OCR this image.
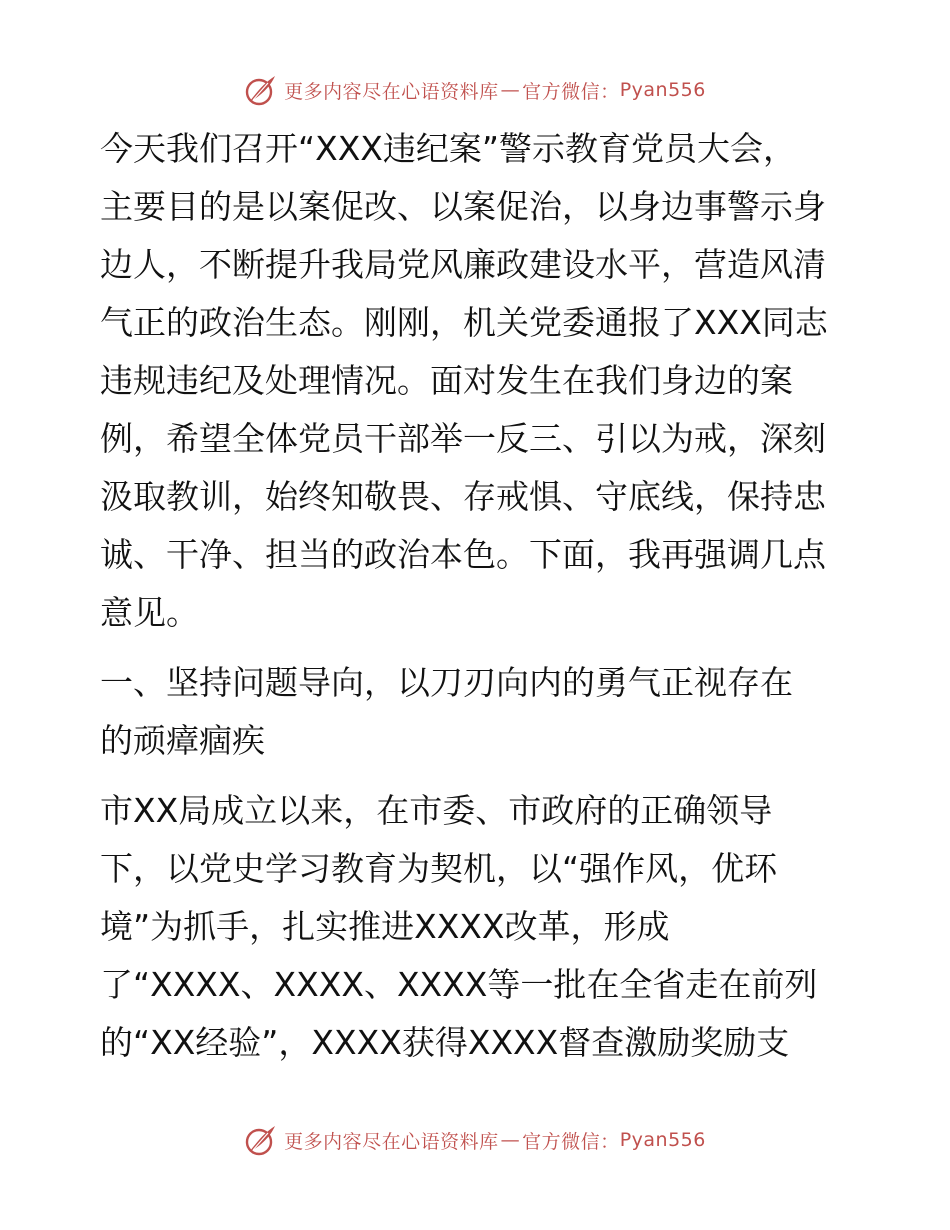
更多内容尽在心语资料库 — 官方微信： Pyan556

今天我们召开“XXX违纪案”警示教育党员大会，
主要目的是以案促改、以案促治，以身边事警示身
边人，不断提升我局党风廉政建设水平，营造风清
气正的政治生态。刚刚，机关党委通报了XXX同志
违规违纪及处理情况。面对发生在我们身边的案
例，希望全体党员干部举一反三、引以为戒，深刻
汲取教训，始终知敬畏、存戒惧、守底线，保持忠
诚、干净、担当的政治本色。下面，我再强调几点
意见。

一、坚持问题导向，以刀刃向内的勇气正视存在
的顽瘴痼疾

市XX局成立以来，在市委、市政府的正确领导
下，以党史学习教育为契机，以“强作风，优环
境”为抓手，扎实推进XXXX改革，形成
了“XXXX、XXXX、XXXX等一批在全省走在前列
的“XX经验”，XXXX获得XXXX督查激励奖励支

更多内容尽在心语资料库 — 官方微信： Pyan556
